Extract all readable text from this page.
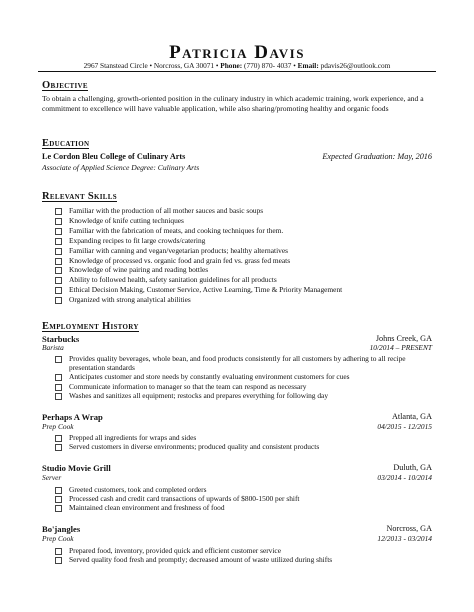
Patricia Davis
2967 Stanstead Circle • Norcross, GA 30071 • Phone: (770) 870- 4037 • Email: pdavis26@outlook.com
Objective
To obtain a challenging, growth-oriented position in the culinary industry in which academic training, work experience, and a commitment to excellence will have valuable application, while also sharing/promoting healthy and organic foods
Education
Le Cordon Bleu College of Culinary Arts	Expected Graduation: May, 2016
Associate of Applied Science Degree: Culinary Arts
Relevant Skills
Familiar with the production of all mother sauces and basic soups
Knowledge of knife cutting techniques
Familiar with the fabrication of meats, and cooking techniques for them.
Expanding recipes to fit large crowds/catering
Familiar with canning and vegan/vegetarian products; healthy alternatives
Knowledge of processed vs. organic food and grain fed vs. grass fed meats
Knowledge of wine pairing and reading bottles
Ability to followed health, safety sanitation guidelines for all products
Ethical Decision Making, Customer Service, Active Learning, Time & Priority Management
Organized with strong analytical abilities
Employment History
Starbucks	Johns Creek, GA
Barista	10/2014 – PRESENT
Provides quality beverages, whole bean, and food products consistently for all customers by adhering to all recipe presentation standards
Anticipates customer and store needs by constantly evaluating environment customers for cues
Communicate information to manager so that the team can respond as necessary
Washes and sanitizes all equipment; restocks and prepares everything for following day
Perhaps A Wrap	Atlanta, GA
Prep Cook	04/2015 - 12/2015
Prepped all ingredients for wraps and sides
Served customers in diverse environments; produced quality and consistent products
Studio Movie Grill	Duluth, GA
Server	03/2014 - 10/2014
Greeted customers, took and completed orders
Processed cash and credit card transactions of upwards of $800-1500 per shift
Maintained clean environment and freshness of food
Bo'jangles	Norcross, GA
Prep Cook	12/2013 - 03/2014
Prepared food, inventory, provided quick and efficient customer service
Served quality food fresh and promptly; decreased amount of waste utilized during shifts
